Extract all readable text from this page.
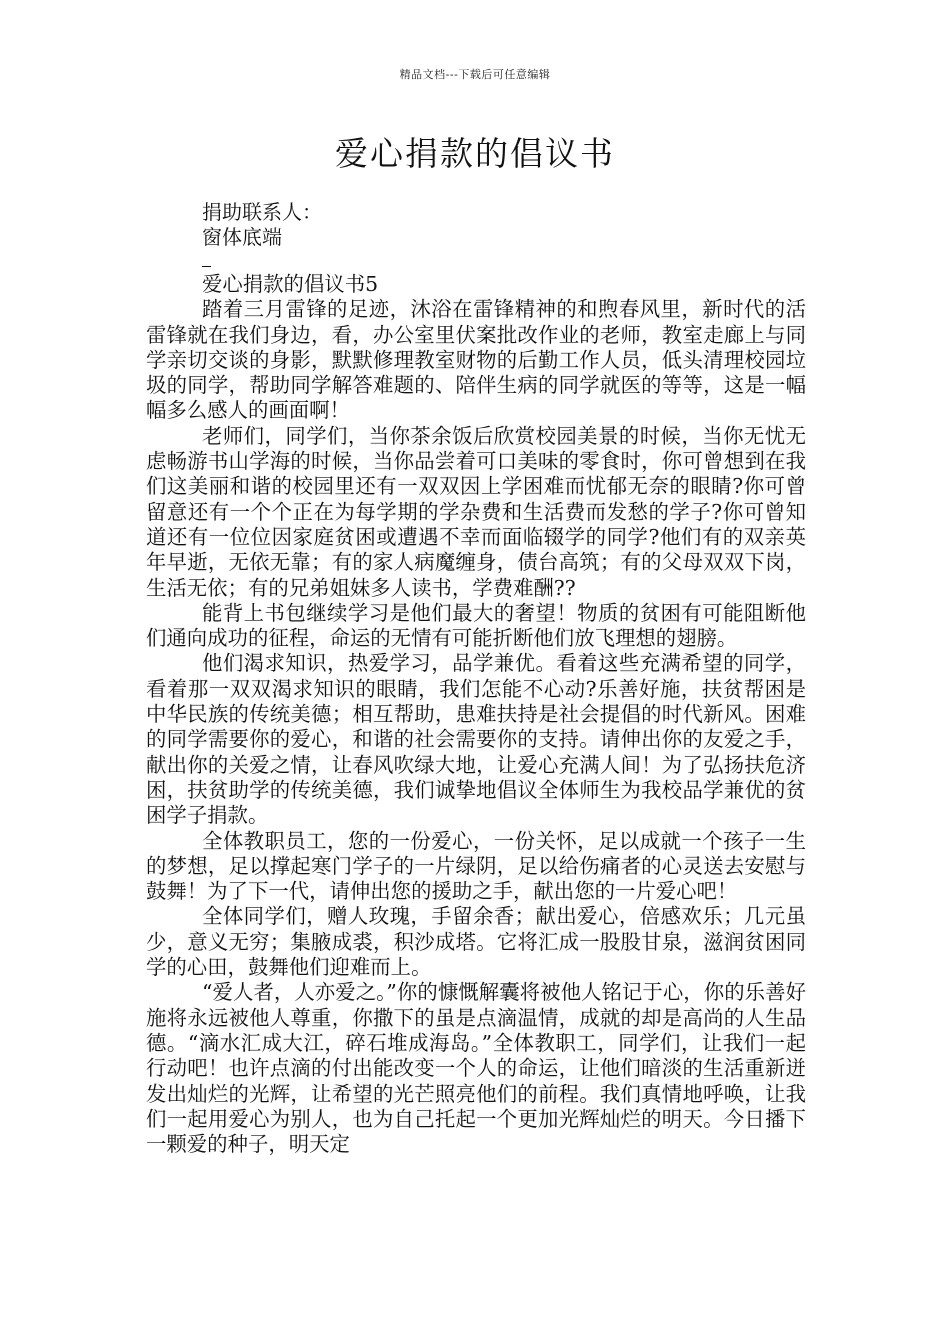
精品文档---下载后可任意编辑
爱心捐款的倡议书
捐助联系人：
窗体底端

爱心捐款的倡议书5

踏着三月雷锋的足迹，沐浴在雷锋精神的和煦春风里，新时代的活雷锋就在我们身边，看，办公室里伏案批改作业的老师，教室走廊上与同学亲切交谈的身影，默默修理教室财物的后勤工作人员，低头清理校园垃圾的同学，帮助同学解答难题的、陪伴生病的同学就医的等等，这是一幅幅多么感人的画面啊！

老师们，同学们，当你茶余饭后欣赏校园美景的时候，当你无忧无虑畅游书山学海的时候，当你品尝着可口美味的零食时，你可曾想到在我们这美丽和谐的校园里还有一双双因上学困难而忧郁无奈的眼睛?你可曾留意还有一个个正在为每学期的学杂费和生活费而发愁的学子?你可曾知道还有一位位因家庭贫困或遭遇不幸而面临辍学的同学?他们有的双亲英年早逝，无依无靠；有的家人病魔缠身，债台高筑；有的父母双双下岗，生活无依；有的兄弟姐妹多人读书，学费难酬??

能背上书包继续学习是他们最大的奢望！物质的贫困有可能阻断他们通向成功的征程，命运的无情有可能折断他们放飞理想的翅膀。

他们渴求知识，热爱学习，品学兼优。看着这些充满希望的同学，看着那一双双渴求知识的眼睛，我们怎能不心动?乐善好施，扶贫帮困是中华民族的传统美德；相互帮助，患难扶持是社会提倡的时代新风。困难的同学需要你的爱心，和谐的社会需要你的支持。请伸出你的友爱之手，献出你的关爱之情，让春风吹绿大地，让爱心充满人间！为了弘扬扶危济困，扶贫助学的传统美德，我们诚挚地倡议全体师生为我校品学兼优的贫困学子捐款。

全体教职员工，您的一份爱心，一份关怀，足以成就一个孩子一生的梦想，足以撑起寒门学子的一片绿阴，足以给伤痛者的心灵送去安慰与鼓舞！为了下一代，请伸出您的援助之手，献出您的一片爱心吧！

全体同学们，赠人玫瑰，手留余香；献出爱心，倍感欢乐；几元虽少，意义无穷；集腋成裘，积沙成塔。它将汇成一股股甘泉，滋润贫困同学的心田，鼓舞他们迎难而上。

“爱人者，人亦爱之。”你的慷慨解囊将被他人铭记于心，你的乐善好施将永远被他人尊重，你撒下的虽是点滴温情，成就的却是高尚的人生品德。“滴水汇成大江，碎石堆成海岛。”全体教职工，同学们，让我们一起行动吧！也许点滴的付出能改变一个人的命运，让他们暗淡的生活重新迸发出灿烂的光辉，让希望的光芒照亮他们的前程。我们真情地呼唤，让我们一起用爱心为别人，也为自己托起一个更加光辉灿烂的明天。今日播下一颗爱的种子，明天定
